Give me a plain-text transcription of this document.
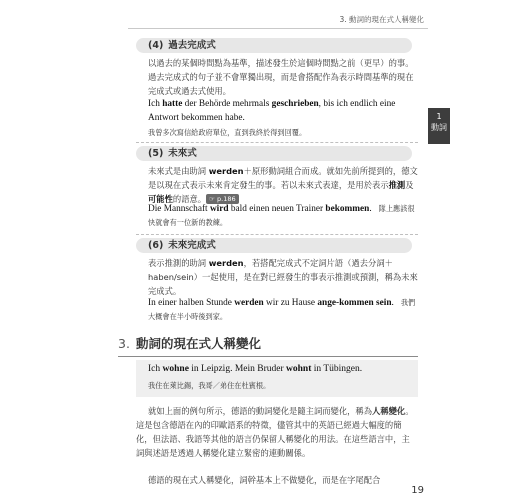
3. 動詞的現在式人稱變化
1
動詞
(4) 過去完成式
以過去的某個時間點為基準，描述發生於這個時間點之前（更早）的事。過去完成式的句子並不會單獨出現，而是會搭配作為表示時間基準的現在完成式或過去式使用。
Ich hatte der Behörde mehrmals geschrieben, bis ich endlich eine Antwort bekommen habe.
我曾多次寫信給政府單位，直到我終於得到回覆。
(5) 未來式
未來式是由助詞 werden＋原形動詞組合而成。就如先前所提到的，德文是以現在式表示未來肯定發生的事。若以未來式表達，是用於表示推測及可能性的語意。 ☞ p.186
Die Mannschaft wird bald einen neuen Trainer bekommen. 隊上應該很快就會有一位新的教練。
(6) 未來完成式
表示推測的助詞 werden，若搭配完成式不定詞片語（過去分詞＋haben/sein）一起使用，是在對已經發生的事表示推測或預測，稱為未來完成式。
In einer halben Stunde werden wir zu Hause ange-kommen sein. 我們大概會在半小時後到家。
3. 動詞的現在式人稱變化
Ich wohne in Leipzig. Mein Bruder wohnt in Tübingen.
我住在萊比錫，我哥／弟住在杜賓根。
就如上面的例句所示，德語的動詞變化是隨主詞而變化，稱為人稱變化。這是包含德語在內的印歐語系的特徵，儘管其中的英語已經過大幅度的簡化，但法語、我語等其他的語言仍保留人稱變化的用法。在這些語言中，主詞與述語是透過人稱變化建立緊密的連動關係。
德語的現在式人稱變化，詞幹基本上不做變化，而是在字尾配合
19
